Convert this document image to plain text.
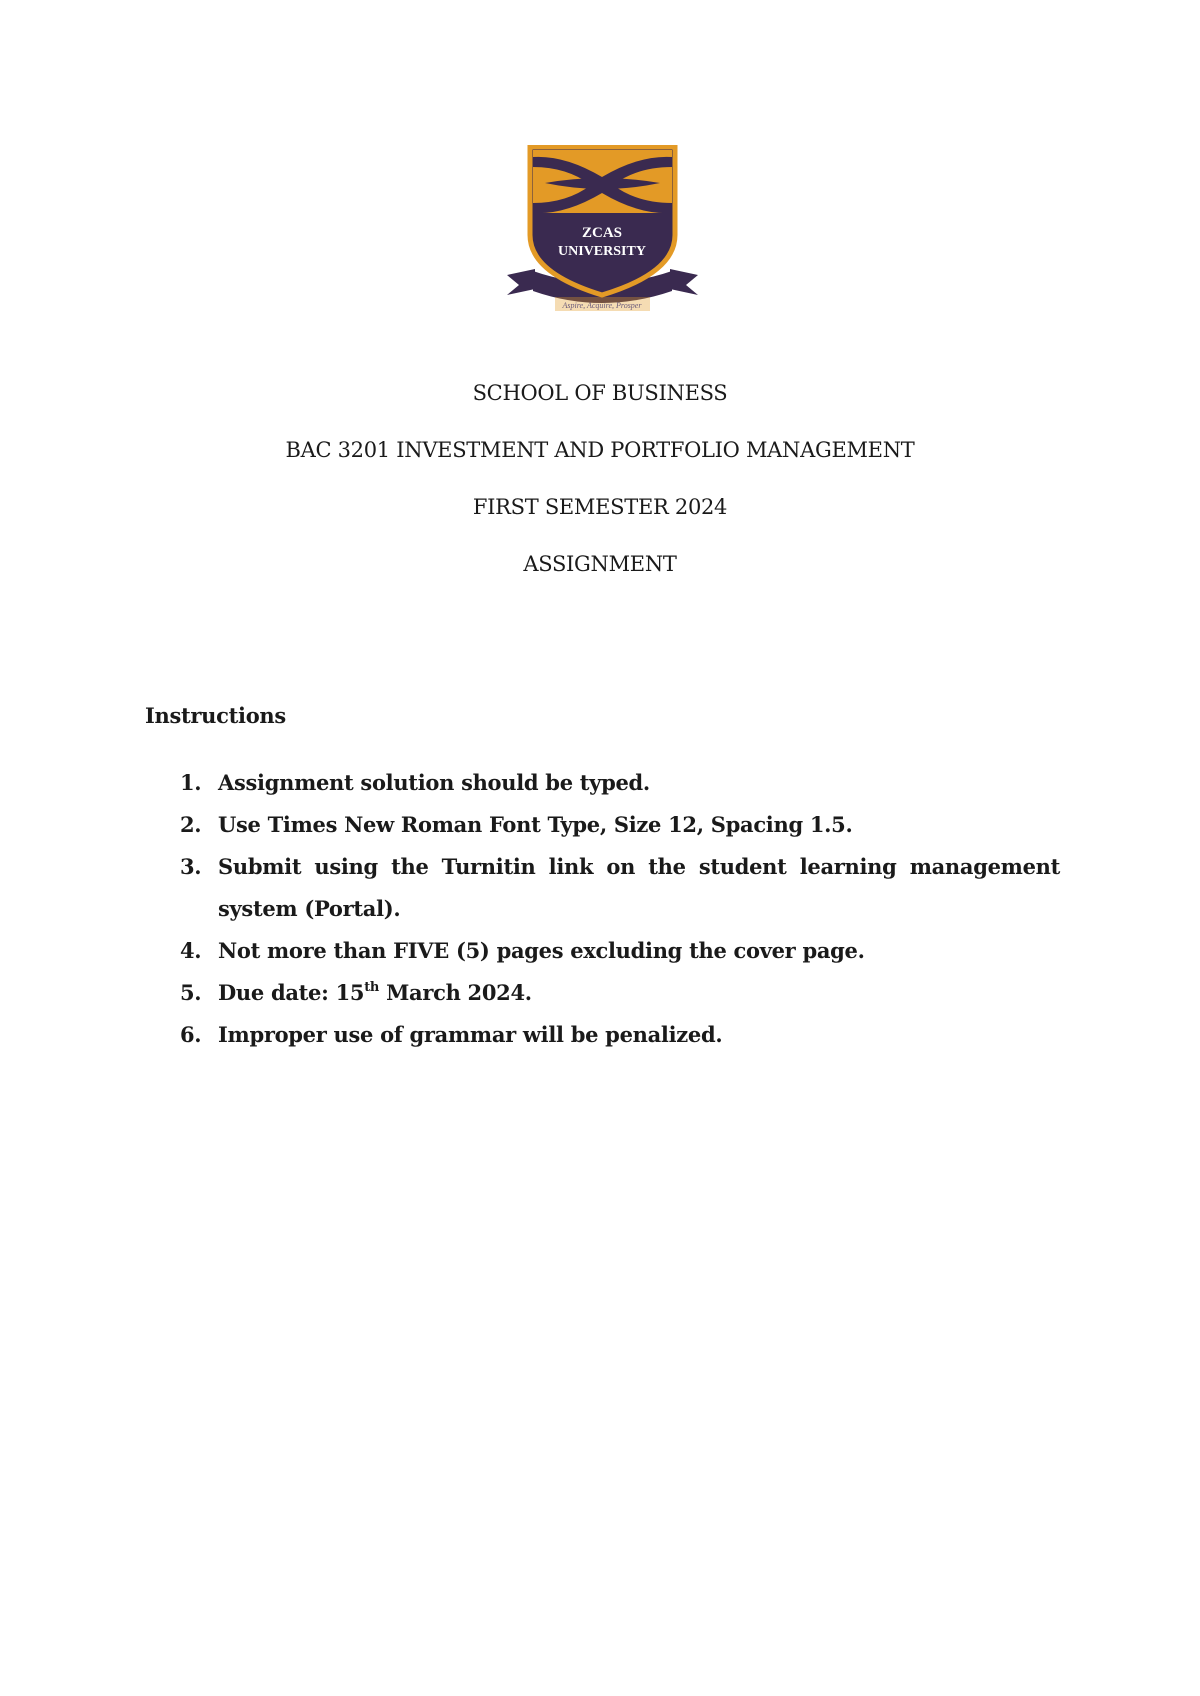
ZCAS
UNIVERSITY
Aspire, Acquire, Prosper
SCHOOL OF BUSINESS
BAC 3201 INVESTMENT AND PORTFOLIO MANAGEMENT
FIRST SEMESTER 2024
ASSIGNMENT
Instructions
1. Assignment solution should be typed.
2. Use Times New Roman Font Type, Size 12, Spacing 1.5.
3. Submit using the Turnitin link on the student learning management system (Portal).
4. Not more than FIVE (5) pages excluding the cover page.
5. Due date: 15th March 2024.
6. Improper use of grammar will be penalized.
